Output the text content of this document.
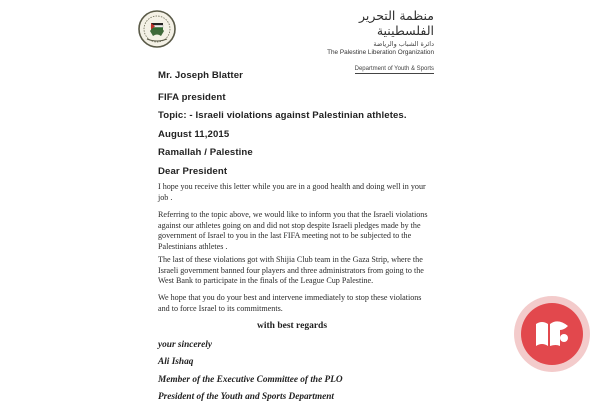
منظمة التحرير الفلسطينية
دائرة الشباب والرياضة
The Palestine Liberation Organization
Department of Youth & Sports
Mr. Joseph Blatter
FIFA president
Topic: - Israeli violations against Palestinian athletes.
August 11,2015
Ramallah / Palestine
Dear President

I hope you receive this letter while you are in a good health and doing well in your job .

Referring to the topic above, we would like to inform you that the Israeli violations against our athletes going on and did not stop despite Israeli pledges made by the government of Israel to you in the last FIFA meeting not to be subjected to the Palestinians athletes .

The last of these violations got with Shijia Club team in the Gaza Strip, where the Israeli government banned four players and three administrators from going to the West Bank to participate in the finals of the League Cup Palestine.

We hope that you do your best and intervene immediately to stop these violations and to force Israel to its commitments.

with best regards
your sincerely
Ali Ishaq
Member of the Executive Committee of the PLO
President of the Youth and Sports Department
